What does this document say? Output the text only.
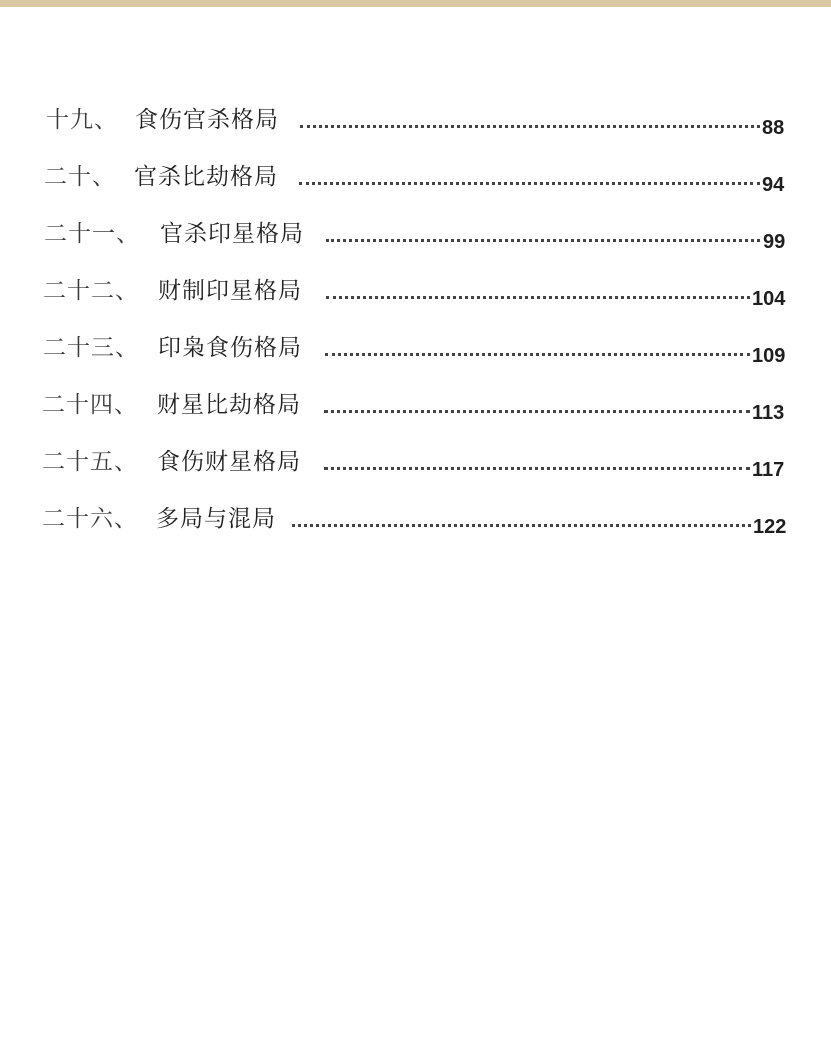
十九、 食伤官杀格局	88
二十、 官杀比劫格局	94
二十一、 官杀印星格局	99
二十二、 财制印星格局	104
二十三、 印枭食伤格局	109
二十四、 财星比劫格局	113
二十五、 食伤财星格局	117
二十六、 多局与混局	122
